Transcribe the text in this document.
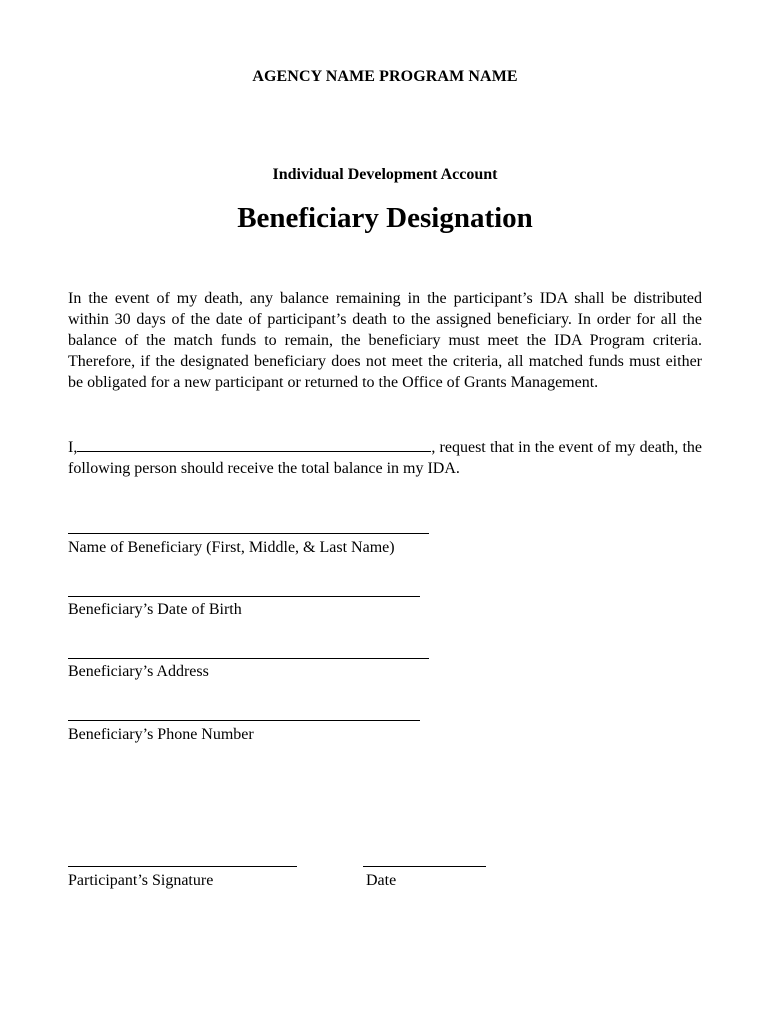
AGENCY NAME PROGRAM NAME
Individual Development Account
Beneficiary Designation
In the event of my death, any balance remaining in the participant’s IDA shall be distributed within 30 days of the date of participant’s death to the assigned beneficiary. In order for all the balance of the match funds to remain, the beneficiary must meet the IDA Program criteria. Therefore, if the designated beneficiary does not meet the criteria, all matched funds must either be obligated for a new participant or returned to the Office of Grants Management.
I,	, request that in the event of my death, the following person should receive the total balance in my IDA.
Name of Beneficiary (First, Middle, & Last Name)
Beneficiary’s Date of Birth
Beneficiary’s Address
Beneficiary’s Phone Number
Participant’s Signature	Date
